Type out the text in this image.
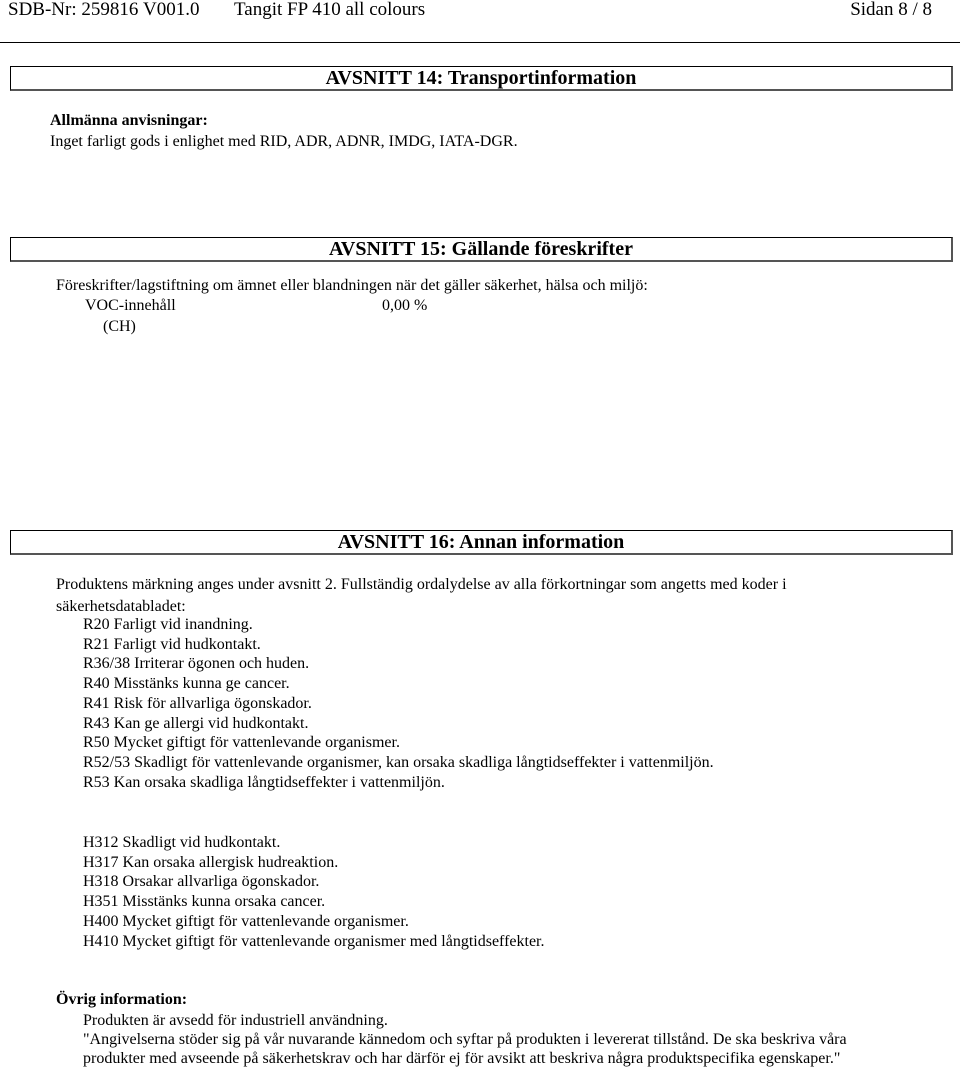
SDB-Nr: 259816 V001.0 Tangit FP 410 all colours	Sidan 8 / 8
AVSNITT 14: Transportinformation
Allmänna anvisningar:
Inget farligt gods i enlighet med RID, ADR, ADNR, IMDG, IATA-DGR.
AVSNITT 15: Gällande föreskrifter
Föreskrifter/lagstiftning om ämnet eller blandningen när det gäller säkerhet, hälsa och miljö:
VOC-innehåll	0,00 %
(CH)
AVSNITT 16: Annan information
Produktens märkning anges under avsnitt 2. Fullständig ordalydelse av alla förkortningar som angetts med koder i
säkerhetsdatabladet:
R20 Farligt vid inandning.
R21 Farligt vid hudkontakt.
R36/38 Irriterar ögonen och huden.
R40 Misstänks kunna ge cancer.
R41 Risk för allvarliga ögonskador.
R43 Kan ge allergi vid hudkontakt.
R50 Mycket giftigt för vattenlevande organismer.
R52/53 Skadligt för vattenlevande organismer, kan orsaka skadliga långtidseffekter i vattenmiljön.
R53 Kan orsaka skadliga långtidseffekter i vattenmiljön.
H312 Skadligt vid hudkontakt.
H317 Kan orsaka allergisk hudreaktion.
H318 Orsakar allvarliga ögonskador.
H351 Misstänks kunna orsaka cancer.
H400 Mycket giftigt för vattenlevande organismer.
H410 Mycket giftigt för vattenlevande organismer med långtidseffekter.
Övrig information:
Produkten är avsedd för industriell användning.
"Angivelserna stöder sig på vår nuvarande kännedom och syftar på produkten i levererat tillstånd. De ska beskriva våra
produkter med avseende på säkerhetskrav och har därför ej för avsikt att beskriva några produktspecifika egenskaper."
